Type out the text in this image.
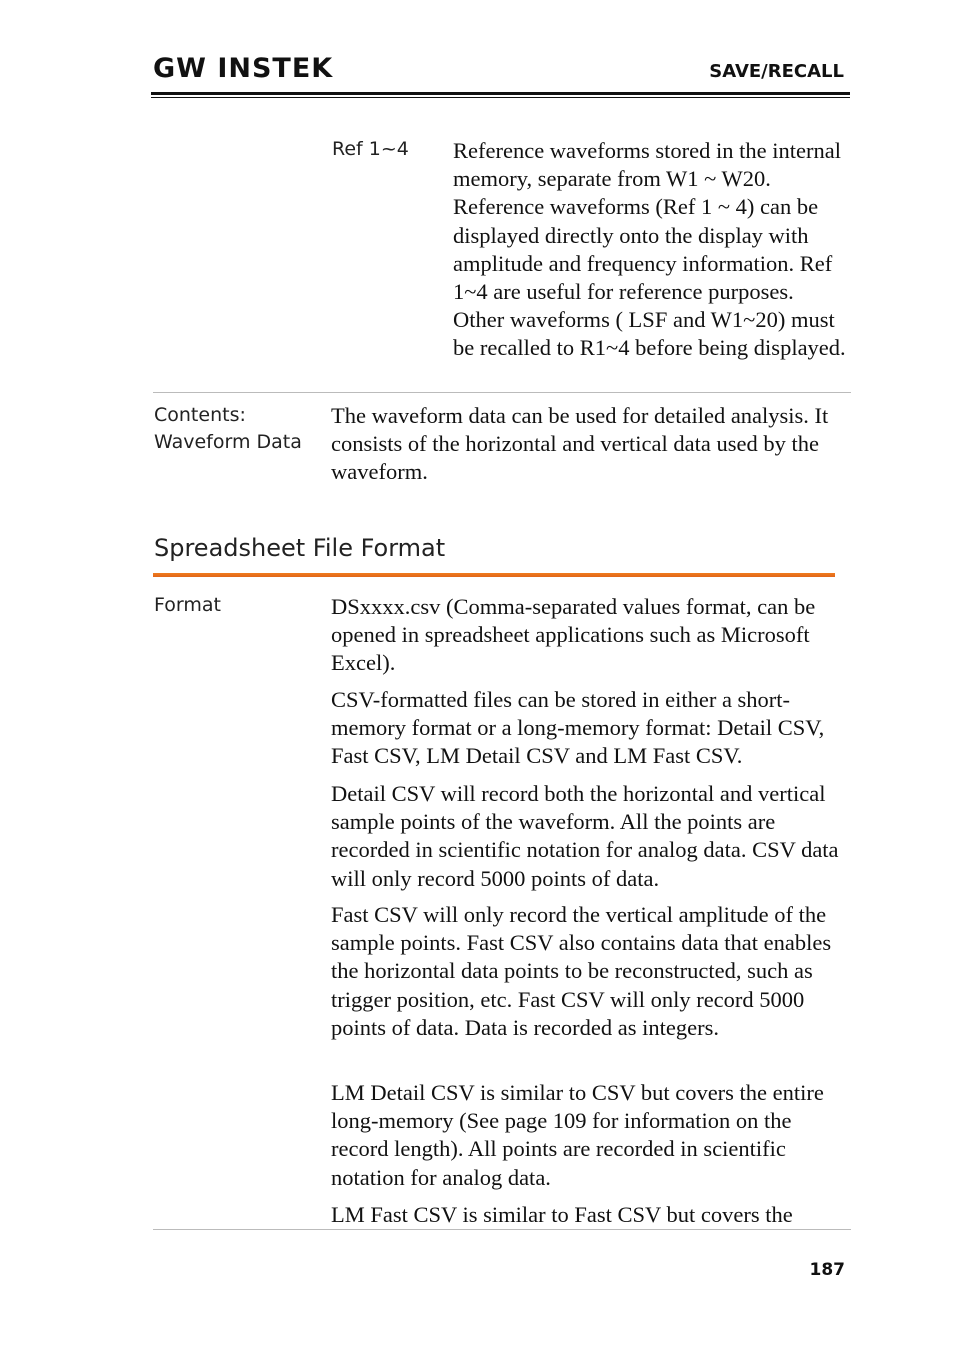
GW INSTEK	SAVE/RECALL
Ref 1~4 Reference waveforms stored in the internal memory, separate from W1 ~ W20. Reference waveforms (Ref 1 ~ 4) can be displayed directly onto the display with amplitude and frequency information. Ref 1~4 are useful for reference purposes. Other waveforms ( LSF and W1~20) must be recalled to R1~4 before being displayed.

Contents:
Waveform Data

The waveform data can be used for detailed analysis. It consists of the horizontal and vertical data used by the waveform.

Spreadsheet File Format
Format	DSxxxx.csv (Comma-separated values format, can be opened in spreadsheet applications such as Microsoft Excel).

CSV-formatted files can be stored in either a short-memory format or a long-memory format: Detail CSV, Fast CSV, LM Detail CSV and LM Fast CSV.

Detail CSV will record both the horizontal and vertical sample points of the waveform. All the points are recorded in scientific notation for analog data. CSV data will only record 5000 points of data.

Fast CSV will only record the vertical amplitude of the sample points. Fast CSV also contains data that enables the horizontal data points to be reconstructed, such as trigger position, etc. Fast CSV will only record 5000 points of data. Data is recorded as integers.

LM Detail CSV is similar to CSV but covers the entire long-memory (See page 109 for information on the record length). All points are recorded in scientific notation for analog data.

LM Fast CSV is similar to Fast CSV but covers the

187
